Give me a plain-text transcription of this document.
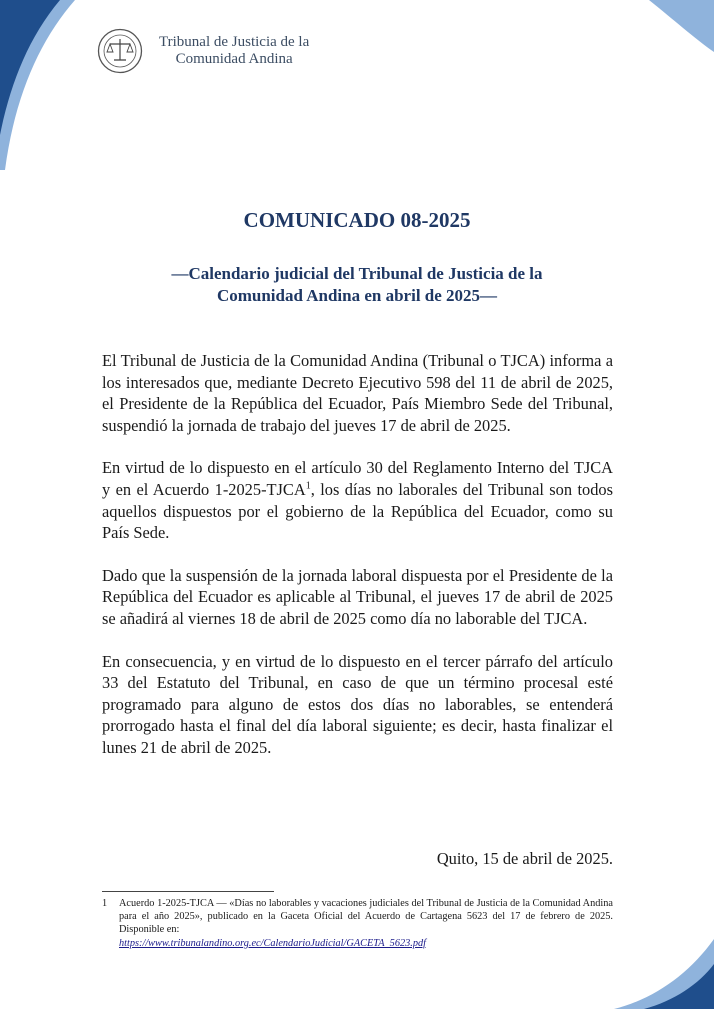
Tribunal de Justicia de la
Comunidad Andina
COMUNICADO 08-2025
—Calendario judicial del Tribunal de Justicia de la
Comunidad Andina en abril de 2025—

El Tribunal de Justicia de la Comunidad Andina (Tribunal o TJCA) informa a los interesados que, mediante Decreto Ejecutivo 598 del 11 de abril de 2025, el Presidente de la República del Ecuador, País Miembro Sede del Tribunal, suspendió la jornada de trabajo del jueves 17 de abril de 2025.

En virtud de lo dispuesto en el artículo 30 del Reglamento Interno del TJCA y en el Acuerdo 1-2025-TJCA$^1$, los días no laborales del Tribunal son todos aquellos dispuestos por el gobierno de la República del Ecuador, como su País Sede.

Dado que la suspensión de la jornada laboral dispuesta por el Presidente de la República del Ecuador es aplicable al Tribunal, el jueves 17 de abril de 2025 se añadirá al viernes 18 de abril de 2025 como día no laborable del TJCA.

En consecuencia, y en virtud de lo dispuesto en el tercer párrafo del artículo 33 del Estatuto del Tribunal, en caso de que un término procesal esté programado para alguno de estos dos días no laborables, se entenderá prorrogado hasta el final del día laboral siguiente; es decir, hasta finalizar el lunes 21 de abril de 2025.

Quito, 15 de abril de 2025.
1	Acuerdo 1-2025-TJCA — «Días no laborables y vacaciones judiciales del Tribunal de Justicia de la Comunidad Andina para el año 2025», publicado en la Gaceta Oficial del Acuerdo de Cartagena 5623 del 17 de febrero de 2025. Disponible en:
https://www.tribunalandino.org.ec/CalendarioJudicial/GACETA_5623.pdf
